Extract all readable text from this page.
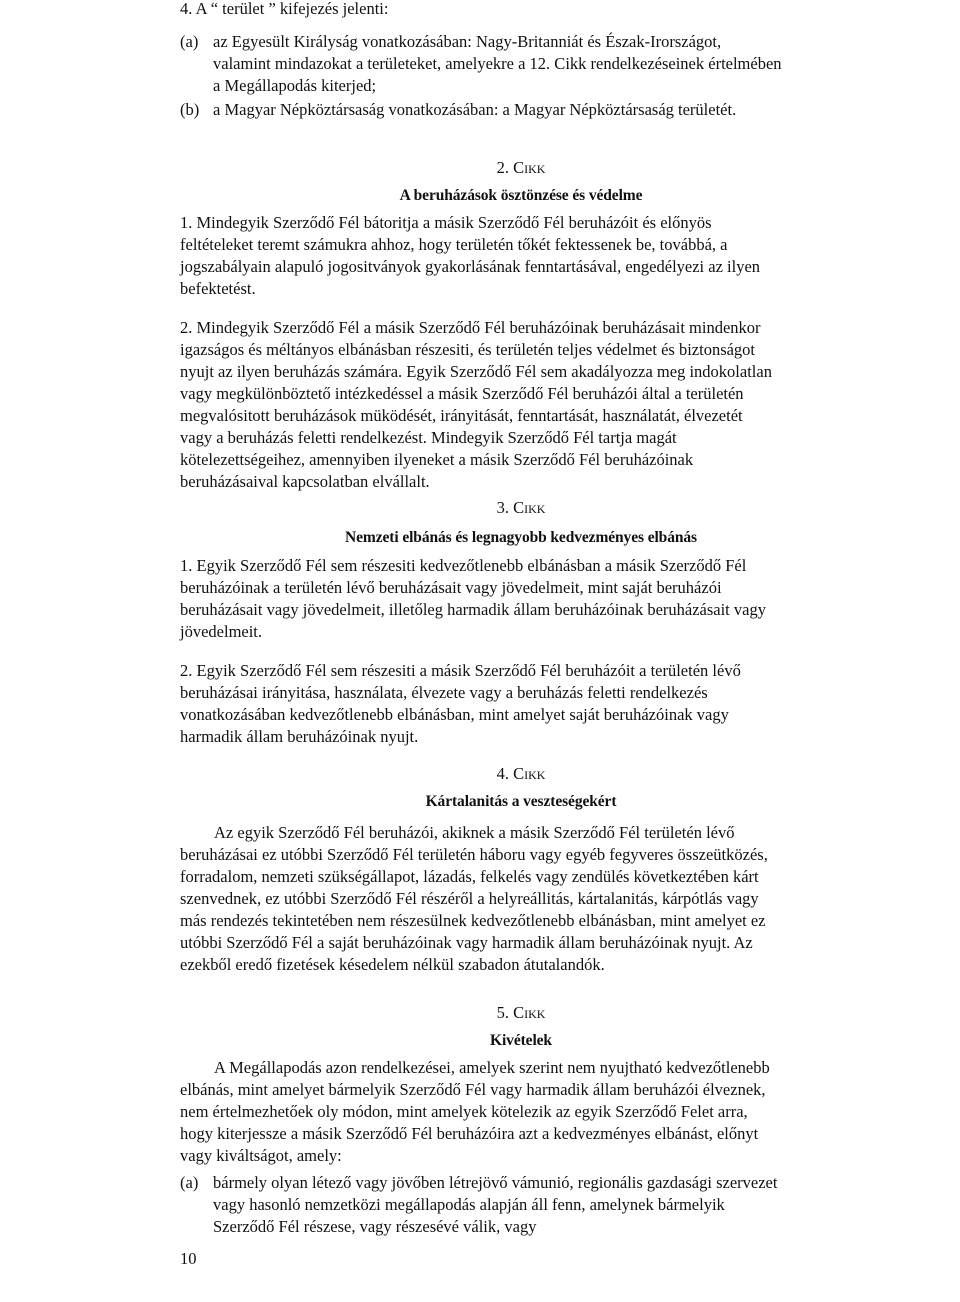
4. A “ terület ” kifejezés jelenti:

(a) az Egyesült Királyság vonatkozásában: Nagy-Britanniát és Észak-Irországot,
valamint mindazokat a területeket, amelyekre a 12. Cikk rendelkezéseinek értelmében
a Megállapodás kiterjed;
(b) a Magyar Népköztársaság vonatkozásában: a Magyar Népköztársaság területét.

2. Cikk

A beruházások ösztönzése és védelme

1. Mindegyik Szerződő Fél bátoritja a másik Szerződő Fél beruházóit és előnyös
feltételeket teremt számukra ahhoz, hogy területén tőkét fektessenek be, továbbá, a
jogszabályain alapuló jogositványok gyakorlásának fenntartásával, engedélyezi az ilyen
befektetést.

2. Mindegyik Szerződő Fél a másik Szerződő Fél beruházóinak beruházásait mindenkor
igazságos és méltányos elbánásban részesiti, és területén teljes védelmet és biztonságot
nyujt az ilyen beruházás számára. Egyik Szerződő Fél sem akadályozza meg indokolatlan
vagy megkülönböztető intézkedéssel a másik Szerződő Fél beruházói által a területén
megvalósitott beruházások müködését, irányitását, fenntartását, használatát, élvezetét
vagy a beruházás feletti rendelkezést. Mindegyik Szerződő Fél tartja magát
kötelezettségeihez, amennyiben ilyeneket a másik Szerződő Fél beruházóinak
beruházásaival kapcsolatban elvállalt.

3. Cikk

Nemzeti elbánás és legnagyobb kedvezményes elbánás

1. Egyik Szerződő Fél sem részesiti kedvezőtlenebb elbánásban a másik Szerződő Fél
beruházóinak a területén lévő beruházásait vagy jövedelmeit, mint saját beruházói
beruházásait vagy jövedelmeit, illetőleg harmadik állam beruházóinak beruházásait vagy
jövedelmeit.

2. Egyik Szerződő Fél sem részesiti a másik Szerződő Fél beruházóit a területén lévő
beruházásai irányitása, használata, élvezete vagy a beruházás feletti rendelkezés
vonatkozásában kedvezőtlenebb elbánásban, mint amelyet saját beruházóinak vagy
harmadik állam beruházóinak nyujt.

4. Cikk

Kártalanitás a veszteségekért

Az egyik Szerződő Fél beruházói, akiknek a másik Szerződő Fél területén lévő
beruházásai ez utóbbi Szerződő Fél területén háboru vagy egyéb fegyveres összeütközés,
forradalom, nemzeti szükségállapot, lázadás, felkelés vagy zendülés következtében kárt
szenvednek, ez utóbbi Szerződő Fél részéről a helyreállitás, kártalanitás, kárpótlás vagy
más rendezés tekintetében nem részesülnek kedvezőtlenebb elbánásban, mint amelyet ez
utóbbi Szerződő Fél a saját beruházóinak vagy harmadik állam beruházóinak nyujt. Az
ezekből eredő fizetések késedelem nélkül szabadon átutalandók.

5. Cikk

Kivételek

A Megállapodás azon rendelkezései, amelyek szerint nem nyujtható kedvezőtlenebb
elbánás, mint amelyet bármelyik Szerződő Fél vagy harmadik állam beruházói élveznek,
nem értelmezhetőek oly módon, mint amelyek kötelezik az egyik Szerződő Felet arra,
hogy kiterjessze a másik Szerződő Fél beruházóira azt a kedvezményes elbánást, előnyt
vagy kiváltságot, amely:

(a) bármely olyan létező vagy jövőben létrejövő vámunió, regionális gazdasági szervezet
vagy hasonló nemzetközi megállapodás alapján áll fenn, amelynek bármelyik
Szerződő Fél részese, vagy részesévé válik, vagy
10
